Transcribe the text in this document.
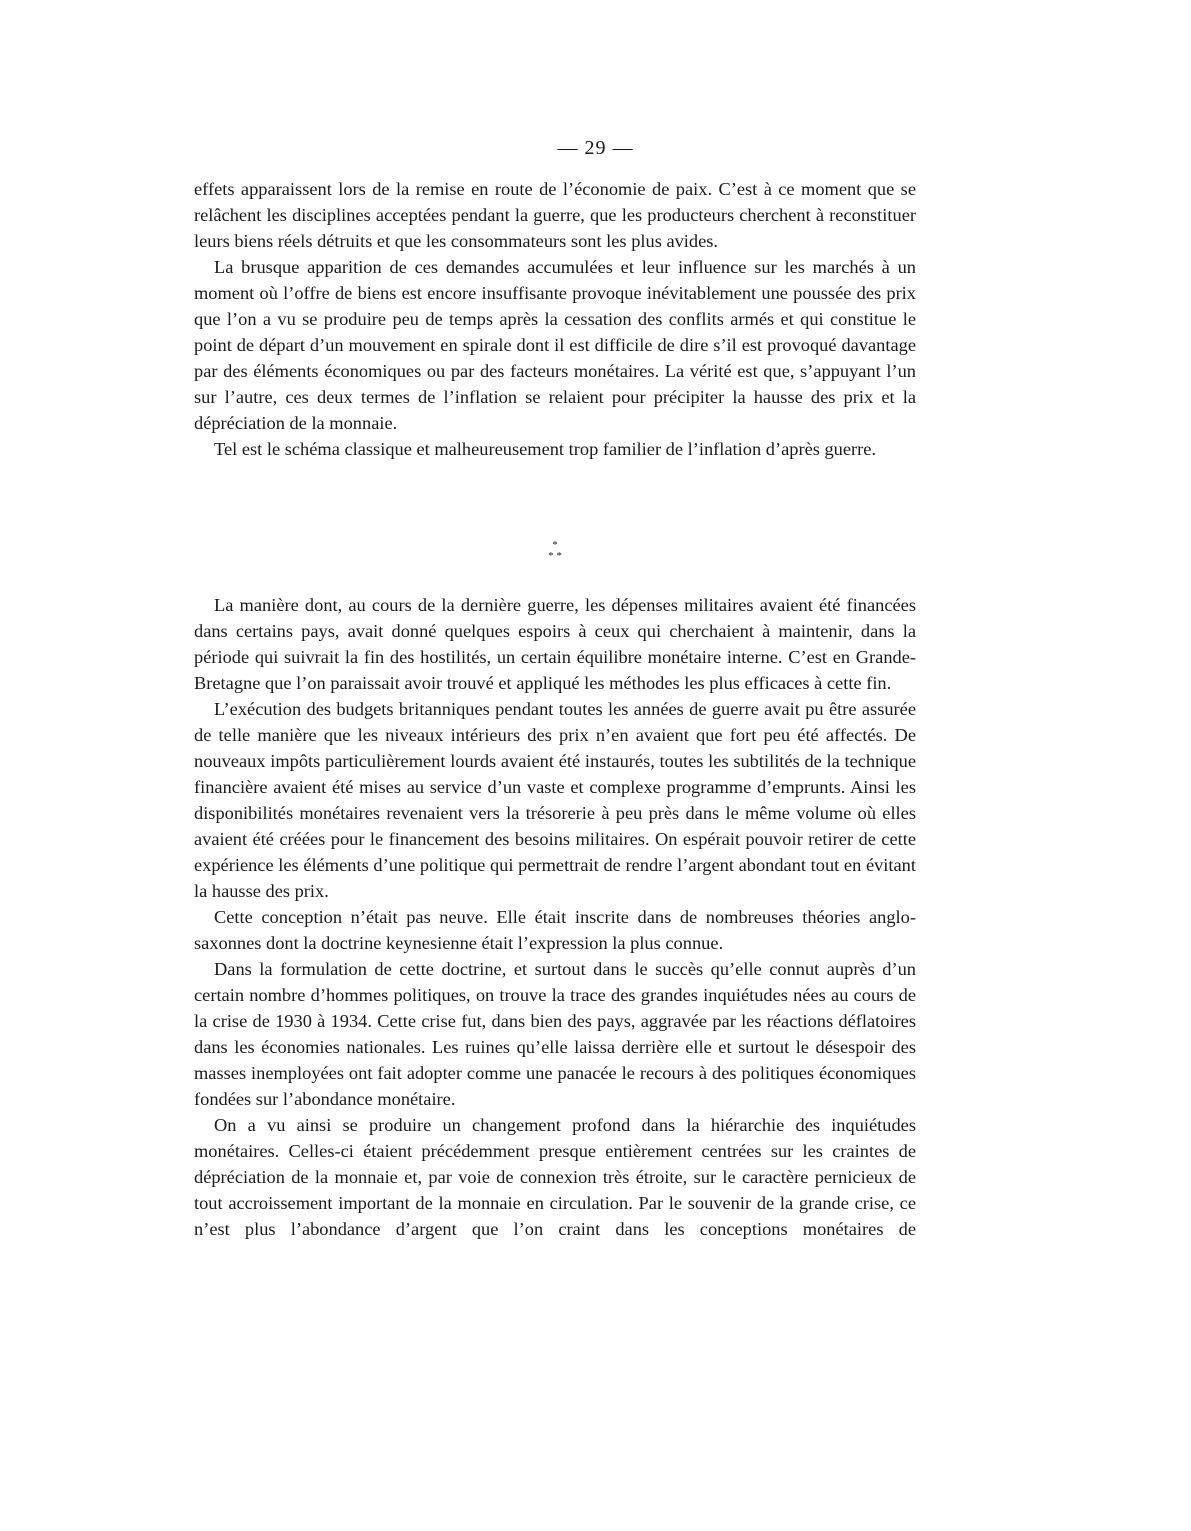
— 29 —

effets apparaissent lors de la remise en route de l’économie de paix. C’est à ce moment que se relâchent les disciplines acceptées pendant la guerre, que les producteurs cherchent à reconstituer leurs biens réels détruits et que les consommateurs sont les plus avides.

La brusque apparition de ces demandes accumulées et leur influence sur les marchés à un moment où l’offre de biens est encore insuffisante provoque inévitablement une poussée des prix que l’on a vu se produire peu de temps après la cessation des conflits armés et qui constitue le point de départ d’un mouvement en spirale dont il est difficile de dire s’il est provoqué davantage par des éléments économiques ou par des facteurs monétaires. La vérité est que, s’appuyant l’un sur l’autre, ces deux termes de l’inflation se relaient pour précipiter la hausse des prix et la dépréciation de la monnaie.

Tel est le schéma classique et malheureusement trop familier de l’inflation d’après guerre.

*
* *

La manière dont, au cours de la dernière guerre, les dépenses militaires avaient été financées dans certains pays, avait donné quelques espoirs à ceux qui cherchaient à maintenir, dans la période qui suivrait la fin des hostilités, un certain équilibre monétaire interne. C’est en Grande-Bretagne que l’on paraissait avoir trouvé et appliqué les méthodes les plus efficaces à cette fin.

L’exécution des budgets britanniques pendant toutes les années de guerre avait pu être assurée de telle manière que les niveaux intérieurs des prix n’en avaient que fort peu été affectés. De nouveaux impôts particulièrement lourds avaient été instaurés, toutes les subtilités de la technique financière avaient été mises au service d’un vaste et complexe programme d’emprunts. Ainsi les disponibilités monétaires revenaient vers la trésorerie à peu près dans le même volume où elles avaient été créées pour le financement des besoins militaires. On espérait pouvoir retirer de cette expérience les éléments d’une politique qui permettrait de rendre l’argent abondant tout en évitant la hausse des prix.

Cette conception n’était pas neuve. Elle était inscrite dans de nombreuses théories anglo-saxonnes dont la doctrine keynesienne était l’expression la plus connue.

Dans la formulation de cette doctrine, et surtout dans le succès qu’elle connut auprès d’un certain nombre d’hommes politiques, on trouve la trace des grandes inquiétudes nées au cours de la crise de 1930 à 1934. Cette crise fut, dans bien des pays, aggravée par les réactions déflatoires dans les économies nationales. Les ruines qu’elle laissa derrière elle et surtout le désespoir des masses inemployées ont fait adopter comme une panacée le recours à des politiques économiques fondées sur l’abondance monétaire.

On a vu ainsi se produire un changement profond dans la hiérarchie des inquiétudes monétaires. Celles-ci étaient précédemment presque entièrement centrées sur les craintes de dépréciation de la monnaie et, par voie de connexion très étroite, sur le caractère pernicieux de tout accroissement important de la monnaie en circulation. Par le souvenir de la grande crise, ce n’est plus l’abondance d’argent que l’on craint dans les conceptions monétaires de
